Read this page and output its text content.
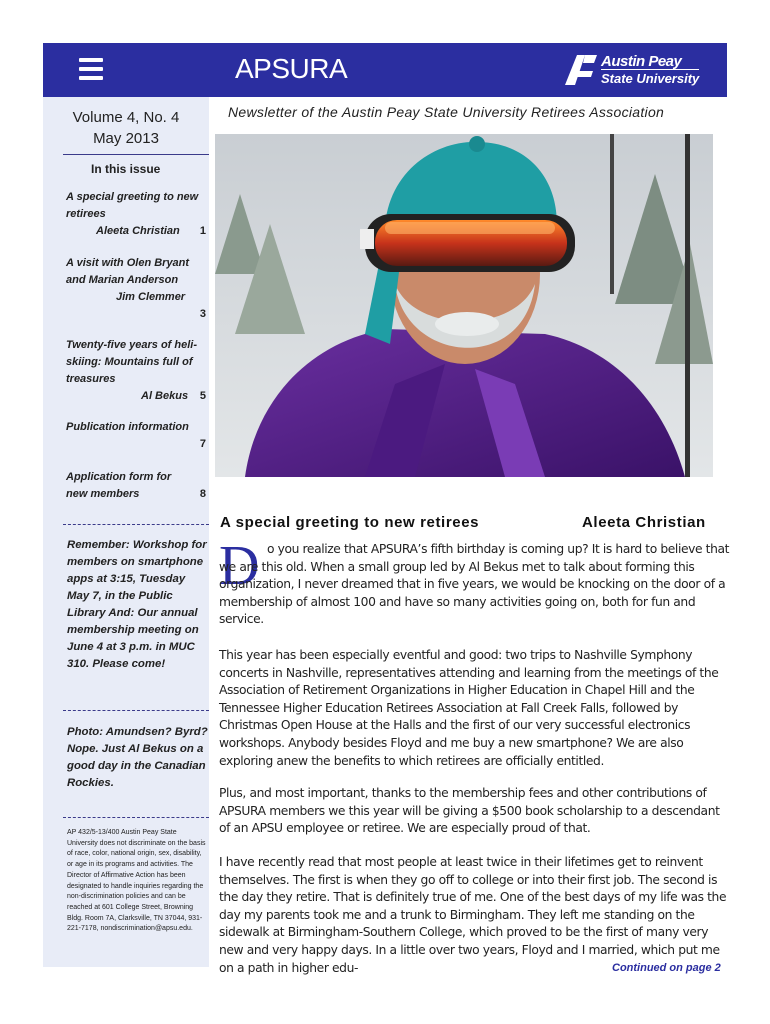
APSURA	Austin Peay
State University
Volume 4, No. 4
May 2013
In this issue
A special greeting to new retirees
Aleeta Christian	1
A visit with Olen Bryant and Marian Anderson
Jim Clemmer
3
Twenty-five years of heli-skiing: Mountains full of treasures
Al Bekus	5
Publication information
7
Application form for new members	8
Remember: Workshop for members on smartphone apps at 3:15, Tuesday May 7, in the Public Library And: Our annual membership meeting on June 4 at 3 p.m. in MUC 310. Please come!
Photo: Amundsen? Byrd? Nope. Just Al Bekus on a good day in the Canadian Rockies.
AP 432/5-13/400 Austin Peay State University does not discriminate on the basis of race, color, national origin, sex, disability, or age in its programs and activities. The Director of Affirmative Action has been designated to handle inquiries regarding the non-discrimination policies and can be reached at 601 College Street, Browning Bldg. Room 7A, Clarksville, TN 37044, 931-221-7178, nondiscrimination@apsu.edu.
Newsletter of the Austin Peay State University Retirees Association
A special greeting to new retirees	Aleeta Christian
D o you realize that APSURA’s fifth birthday is coming up? It is hard to believe that we are this old. When a small group led by Al Bekus met to talk about forming this organization, I never dreamed that in five years, we would be knocking on the door of a membership of almost 100 and have so many activities going on, both for fun and service.
This year has been especially eventful and good: two trips to Nashville Symphony concerts in Nashville, representatives attending and learning from the meetings of the Association of Retirement Organizations in Higher Education in Chapel Hill and the Tennessee Higher Education Retirees Association at Fall Creek Falls, followed by Christmas Open House at the Halls and the first of our very successful electronics workshops. Anybody besides Floyd and me buy a new smartphone? We are also exploring anew the benefits to which retirees are officially entitled.
Plus, and most important, thanks to the membership fees and other contributions of APSURA members we this year will be giving a $500 book scholarship to a descendant of an APSU employee or retiree. We are especially proud of that.
I have recently read that most people at least twice in their lifetimes get to reinvent themselves. The first is when they go off to college or into their first job. The second is the day they retire. That is definitely true of me. One of the best days of my life was the day my parents took me and a trunk to Birmingham. They left me standing on the sidewalk at Birmingham-Southern College, which proved to be the first of many very new and very happy days. In a little over two years, Floyd and I married, which put me on a path in higher edu-	Continued on page 2
